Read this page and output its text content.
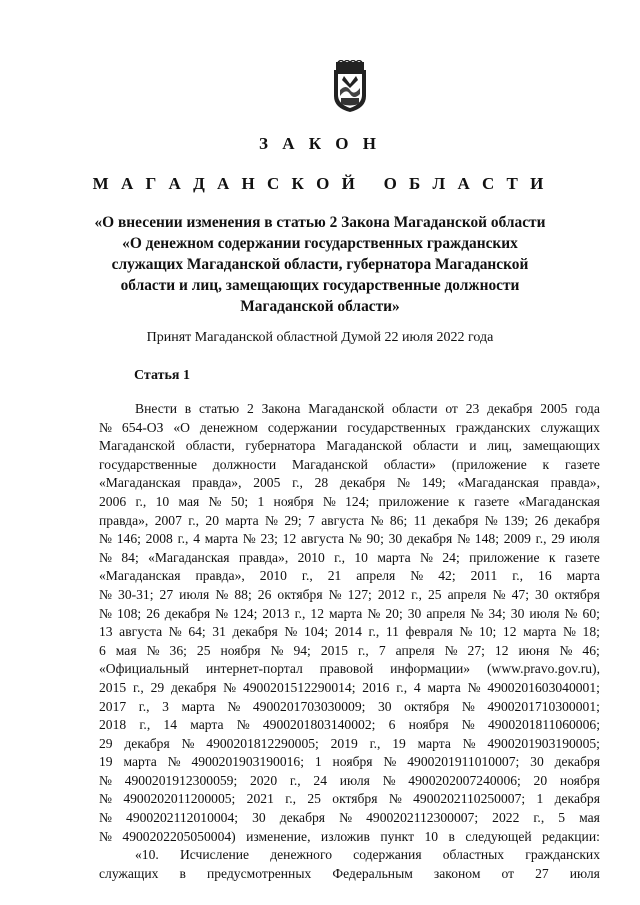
З А К О Н
М А Г А Д А Н С К О Й   О Б Л А С Т И
«О внесении изменения в статью 2 Закона Магаданской области
«О денежном содержании государственных гражданских
служащих Магаданской области, губернатора Магаданской
области и лиц, замещающих государственные должности
Магаданской области»
Принят Магаданской областной Думой 22 июля 2022 года
Статья 1
Внести в статью 2 Закона Магаданской области от 23 декабря 2005 года
№ 654-ОЗ «О денежном содержании государственных гражданских служащих
Магаданской области, губернатора Магаданской области и лиц, замещающих
государственные должности Магаданской области» (приложение к газете
«Магаданская правда», 2005 г., 28 декабря № 149; «Магаданская правда»,
2006 г., 10 мая № 50; 1 ноября № 124; приложение к газете «Магаданская
правда», 2007 г., 20 марта № 29; 7 августа № 86; 11 декабря № 139; 26 декабря
№ 146; 2008 г., 4 марта № 23; 12 августа № 90; 30 декабря № 148; 2009 г., 29 июля
№ 84; «Магаданская правда», 2010 г., 10 марта № 24; приложение к газете
«Магаданская правда», 2010 г., 21 апреля № 42; 2011 г., 16 марта
№ 30-31; 27 июля № 88; 26 октября № 127; 2012 г., 25 апреля № 47; 30 октября
№ 108; 26 декабря № 124; 2013 г., 12 марта № 20; 30 апреля № 34; 30 июля № 60;
13 августа № 64; 31 декабря № 104; 2014 г., 11 февраля № 10; 12 марта № 18;
6 мая № 36; 25 ноября № 94; 2015 г., 7 апреля № 27; 12 июня № 46;
«Официальный интернет-портал правовой информации» (www.pravo.gov.ru),
2015 г., 29 декабря № 4900201512290014; 2016 г., 4 марта № 4900201603040001;
2017 г., 3 марта № 4900201703030009; 30 октября № 4900201710300001;
2018 г., 14 марта № 4900201803140002; 6 ноября № 4900201811060006;
29 декабря № 4900201812290005; 2019 г., 19 марта № 4900201903190005;
19 марта № 4900201903190016; 1 ноября № 4900201911010007; 30 декабря
№ 4900201912300059; 2020 г., 24 июля № 4900202007240006; 20 ноября
№ 4900202011200005; 2021 г., 25 октября № 4900202110250007; 1 декабря
№ 4900202112010004; 30 декабря № 4900202112300007; 2022 г., 5 мая
№ 4900202205050004) изменение, изложив пункт 10 в следующей редакции:
«10. Исчисление денежного содержания областных гражданских
служащих в предусмотренных Федеральным законом от 27 июля
